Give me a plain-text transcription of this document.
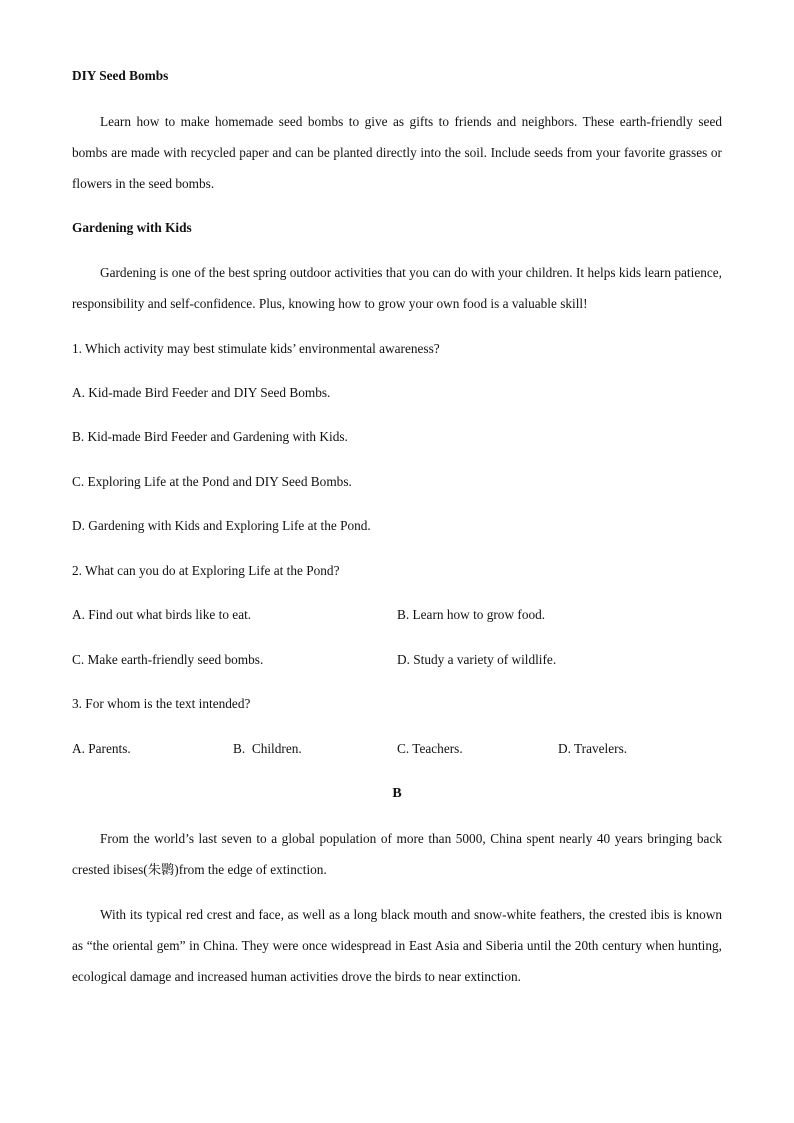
DIY Seed Bombs
Learn how to make homemade seed bombs to give as gifts to friends and neighbors. These earth-friendly seed bombs are made with recycled paper and can be planted directly into the soil. Include seeds from your favorite grasses or flowers in the seed bombs.
Gardening with Kids
Gardening is one of the best spring outdoor activities that you can do with your children. It helps kids learn patience, responsibility and self-confidence. Plus, knowing how to grow your own food is a valuable skill!
1. Which activity may best stimulate kids’ environmental awareness?
A. Kid-made Bird Feeder and DIY Seed Bombs.
B. Kid-made Bird Feeder and Gardening with Kids.
C. Exploring Life at the Pond and DIY Seed Bombs.
D. Gardening with Kids and Exploring Life at the Pond.
2. What can you do at Exploring Life at the Pond?
A. Find out what birds like to eat.	B. Learn how to grow food.
C. Make earth-friendly seed bombs.	D. Study a variety of wildlife.
3. For whom is the text intended?
A. Parents.	B.  Children.	C. Teachers.	D. Travelers.
B
From the world’s last seven to a global population of more than 5000, China spent nearly 40 years bringing back crested ibises(朱鹮)from the edge of extinction.
With its typical red crest and face, as well as a long black mouth and snow-white feathers, the crested ibis is known as “the oriental gem” in China. They were once widespread in East Asia and Siberia until the 20th century when hunting, ecological damage and increased human activities drove the birds to near extinction.
